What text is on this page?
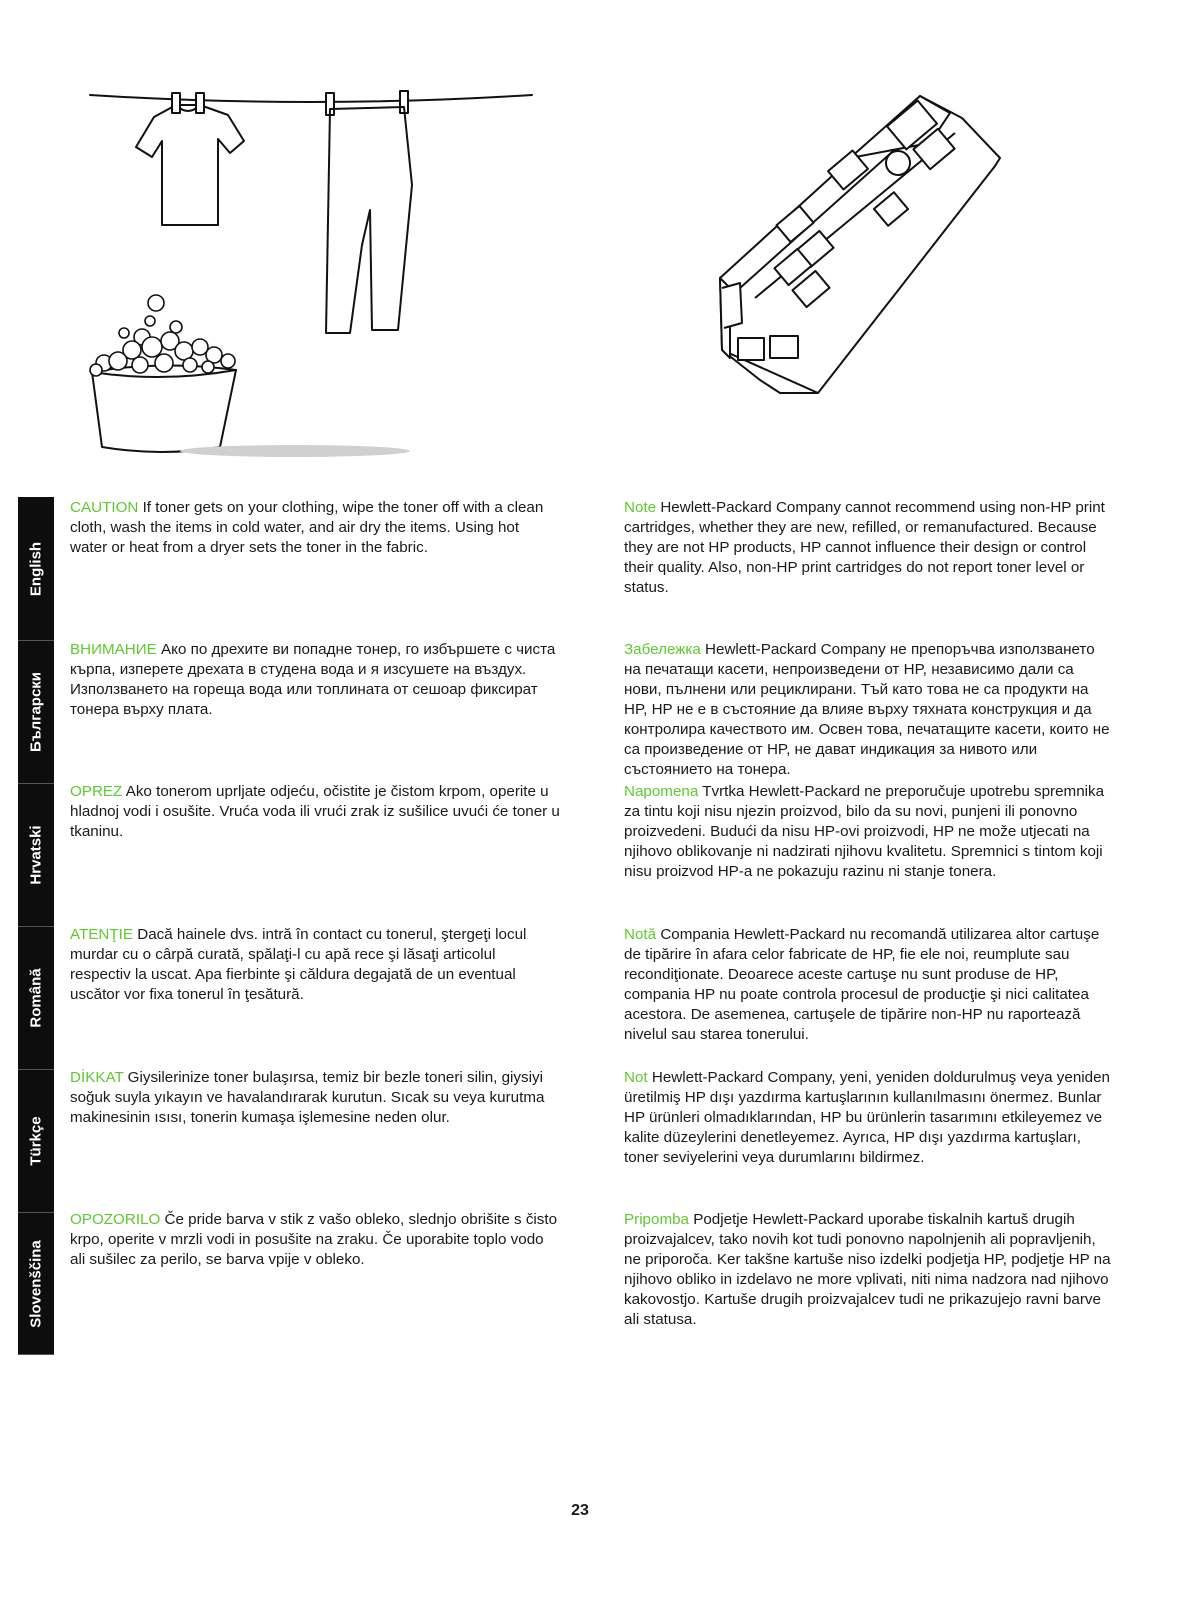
English
Български
Hrvatski
Română
Türkçe
Slovenščina

CAUTION If toner gets on your clothing, wipe the toner off with a clean cloth, wash the items in cold water, and air dry the items. Using hot water or heat from a dryer sets the toner in the fabric.

Note Hewlett-Packard Company cannot recommend using non-HP print cartridges, whether they are new, refilled, or remanufactured. Because they are not HP products, HP cannot influence their design or control their quality. Also, non-HP print cartridges do not report toner level or status.

ВНИМАНИЕ Ако по дрехите ви попадне тонер, го избършете с чиста кърпа, изперете дрехата в студена вода и я изсушете на въздух. Използването на гореща вода или топлината от сешоар фиксират тонера върху плата.

Забележка Hewlett-Packard Company не препоръчва използването на печатащи касети, непроизведени от HP, независимо дали са нови, пълнени или рециклирани. Тъй като това не са продукти на HP, HP не е в състояние да влияе върху тяхната конструкция и да контролира качеството им. Освен това, печатащите касети, които не са произведение от HP, не дават индикация за нивото или състоянието на тонера.

OPREZ Ako tonerom uprljate odjeću, očistite je čistom krpom, operite u hladnoj vodi i osušite. Vruća voda ili vrući zrak iz sušilice uvući će toner u tkaninu.

Napomena Tvrtka Hewlett-Packard ne preporučuje upotrebu spremnika za tintu koji nisu njezin proizvod, bilo da su novi, punjeni ili ponovno proizvedeni. Budući da nisu HP-ovi proizvodi, HP ne može utjecati na njihovo oblikovanje ni nadzirati njihovu kvalitetu. Spremnici s tintom koji nisu proizvod HP-a ne pokazuju razinu ni stanje tonera.

ATENŢIE Dacă hainele dvs. intră în contact cu tonerul, ştergeţi locul murdar cu o cârpă curată, spălaţi-l cu apă rece şi lăsaţi articolul respectiv la uscat. Apa fierbinte şi căldura degajată de un eventual uscător vor fixa tonerul în ţesătură.

Notă Compania Hewlett-Packard nu recomandă utilizarea altor cartuşe de tipărire în afara celor fabricate de HP, fie ele noi, reumplute sau recondiţionate. Deoarece aceste cartuşe nu sunt produse de HP, compania HP nu poate controla procesul de producţie şi nici calitatea acestora. De asemenea, cartuşele de tipărire non-HP nu raportează nivelul sau starea tonerului.

DİKKAT Giysilerinize toner bulaşırsa, temiz bir bezle toneri silin, giysiyi soğuk suyla yıkayın ve havalandırarak kurutun. Sıcak su veya kurutma makinesinin ısısı, tonerin kumaşa işlemesine neden olur.

Not Hewlett-Packard Company, yeni, yeniden doldurulmuş veya yeniden üretilmiş HP dışı yazdırma kartuşlarının kullanılmasını önermez. Bunlar HP ürünleri olmadıklarından, HP bu ürünlerin tasarımını etkileyemez ve kalite düzeylerini denetleyemez. Ayrıca, HP dışı yazdırma kartuşları, toner seviyelerini veya durumlarını bildirmez.

OPOZORILO Če pride barva v stik z vašo obleko, slednjo obrišite s čisto krpo, operite v mrzli vodi in posušite na zraku. Če uporabite toplo vodo ali sušilec za perilo, se barva vpije v obleko.

Pripomba Podjetje Hewlett-Packard uporabe tiskalnih kartuš drugih proizvajalcev, tako novih kot tudi ponovno napolnjenih ali popravljenih, ne priporoča. Ker takšne kartuše niso izdelki podjetja HP, podjetje HP na njihovo obliko in izdelavo ne more vplivati, niti nima nadzora nad njihovo kakovostjo. Kartuše drugih proizvajalcev tudi ne prikazujejo ravni barve ali statusa.

23
